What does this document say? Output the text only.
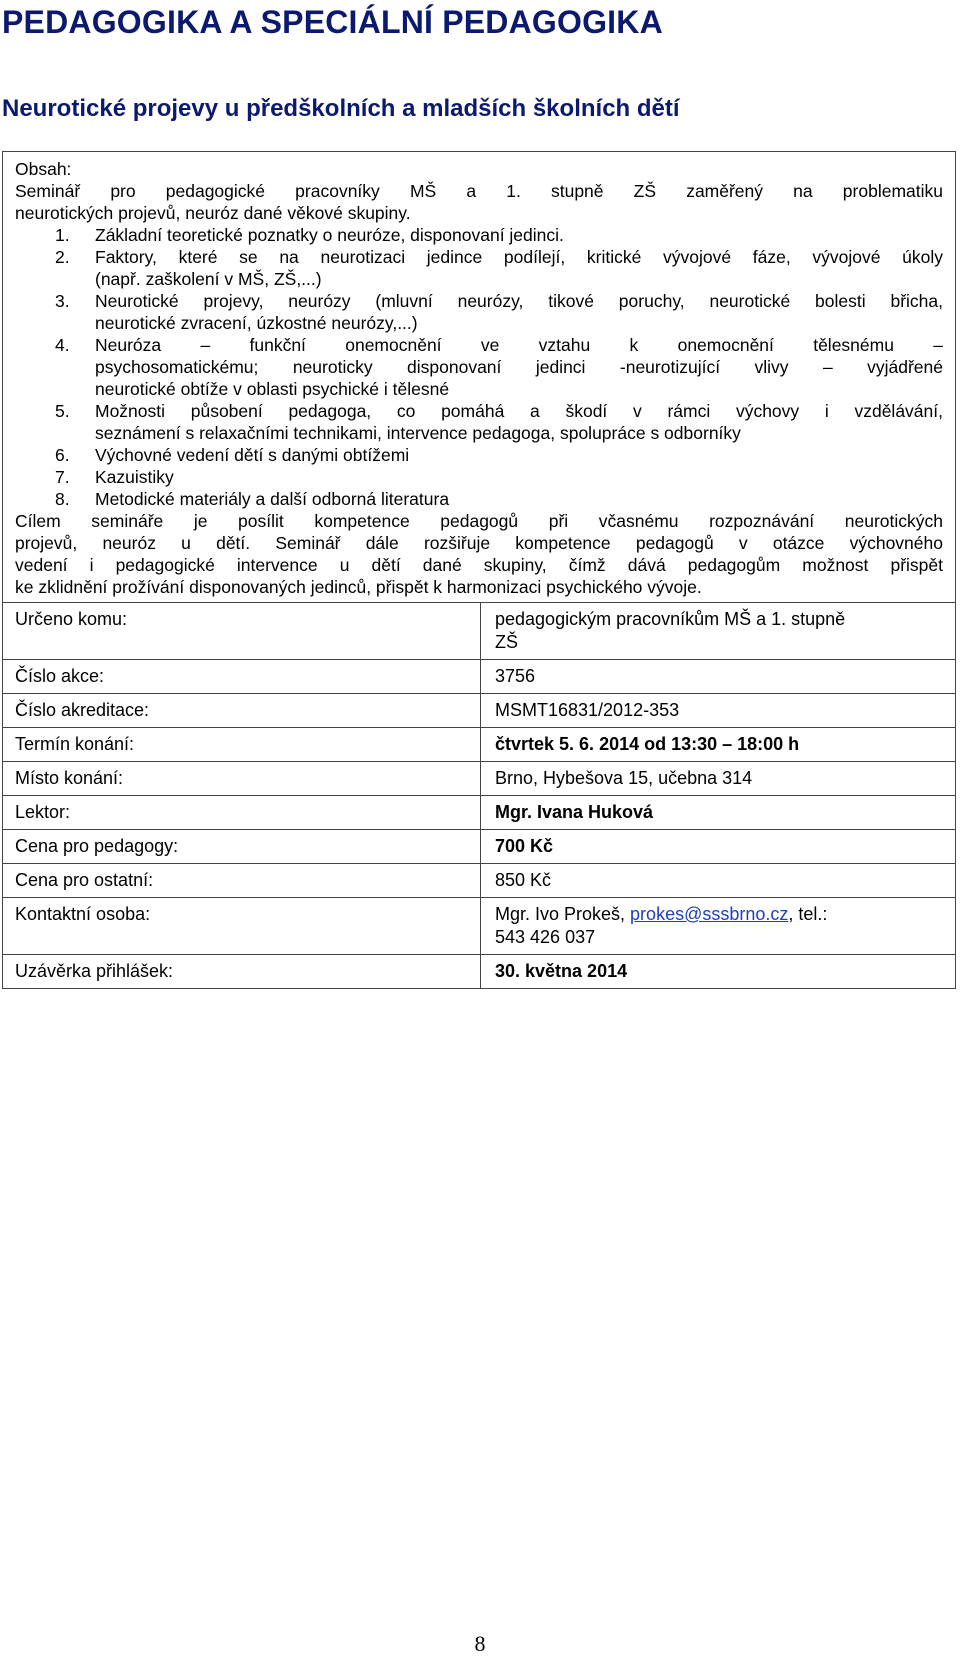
PEDAGOGIKA A SPECIÁLNÍ PEDAGOGIKA
Neurotické projevy u předškolních a mladších školních dětí

Obsah:

Seminář pro pedagogické pracovníky MŠ a 1. stupně ZŠ zaměřený na problematiku

neurotických projevů, neuróz dané věkové skupiny.

1. Základní teoretické poznatky o neuróze, disponovaní jedinci.
2. Faktory, které se na neurotizaci jedince podílejí, kritické vývojové fáze, vývojové úkoly
(např. zaškolení v MŠ, ZŠ,...)
3. Neurotické projevy, neurózy (mluvní neurózy, tikové poruchy, neurotické bolesti břicha,
neurotické zvracení, úzkostné neurózy,...)
4. Neuróza – funkční onemocnění ve vztahu k onemocnění tělesnému –
psychosomatickému; neuroticky disponovaní jedinci -neurotizující vlivy – vyjádřené
neurotické obtíže v oblasti psychické i tělesné
5. Možnosti působení pedagoga, co pomáhá a škodí v rámci výchovy i vzdělávání,
seznámení s relaxačními technikami, intervence pedagoga, spolupráce s odborníky
6. Výchovné vedení dětí s danými obtížemi
7. Kazuistiky
8. Metodické materiály a další odborná literatura

Cílem semináře je posílit kompetence pedagogů při včasnému rozpoznávání neurotických

projevů, neuróz u dětí. Seminář dále rozšiřuje kompetence pedagogů v otázce výchovného

vedení i pedagogické intervence u dětí dané skupiny, čímž dává pedagogům možnost přispět

ke zklidnění prožívání disponovaných jedinců, přispět k harmonizaci psychického vývoje.

Určeno komu:	pedagogickým pracovníkům MŠ a 1. stupně
ZŠ

Číslo akce:	3756
Číslo akreditace:	MSMT16831/2012-353
Termín konání:	čtvrtek 5. 6. 2014 od 13:30 – 18:00 h
Místo konání:	Brno, Hybešova 15, učebna 314
Lektor:	Mgr. Ivana Huková
Cena pro pedagogy:	700 Kč
Cena pro ostatní:	850 Kč
Kontaktní osoba:	Mgr. Ivo Prokeš, prokes@sssbrno.cz, tel.:
543 426 037

Uzávěrka přihlášek:	30. května 2014
8
